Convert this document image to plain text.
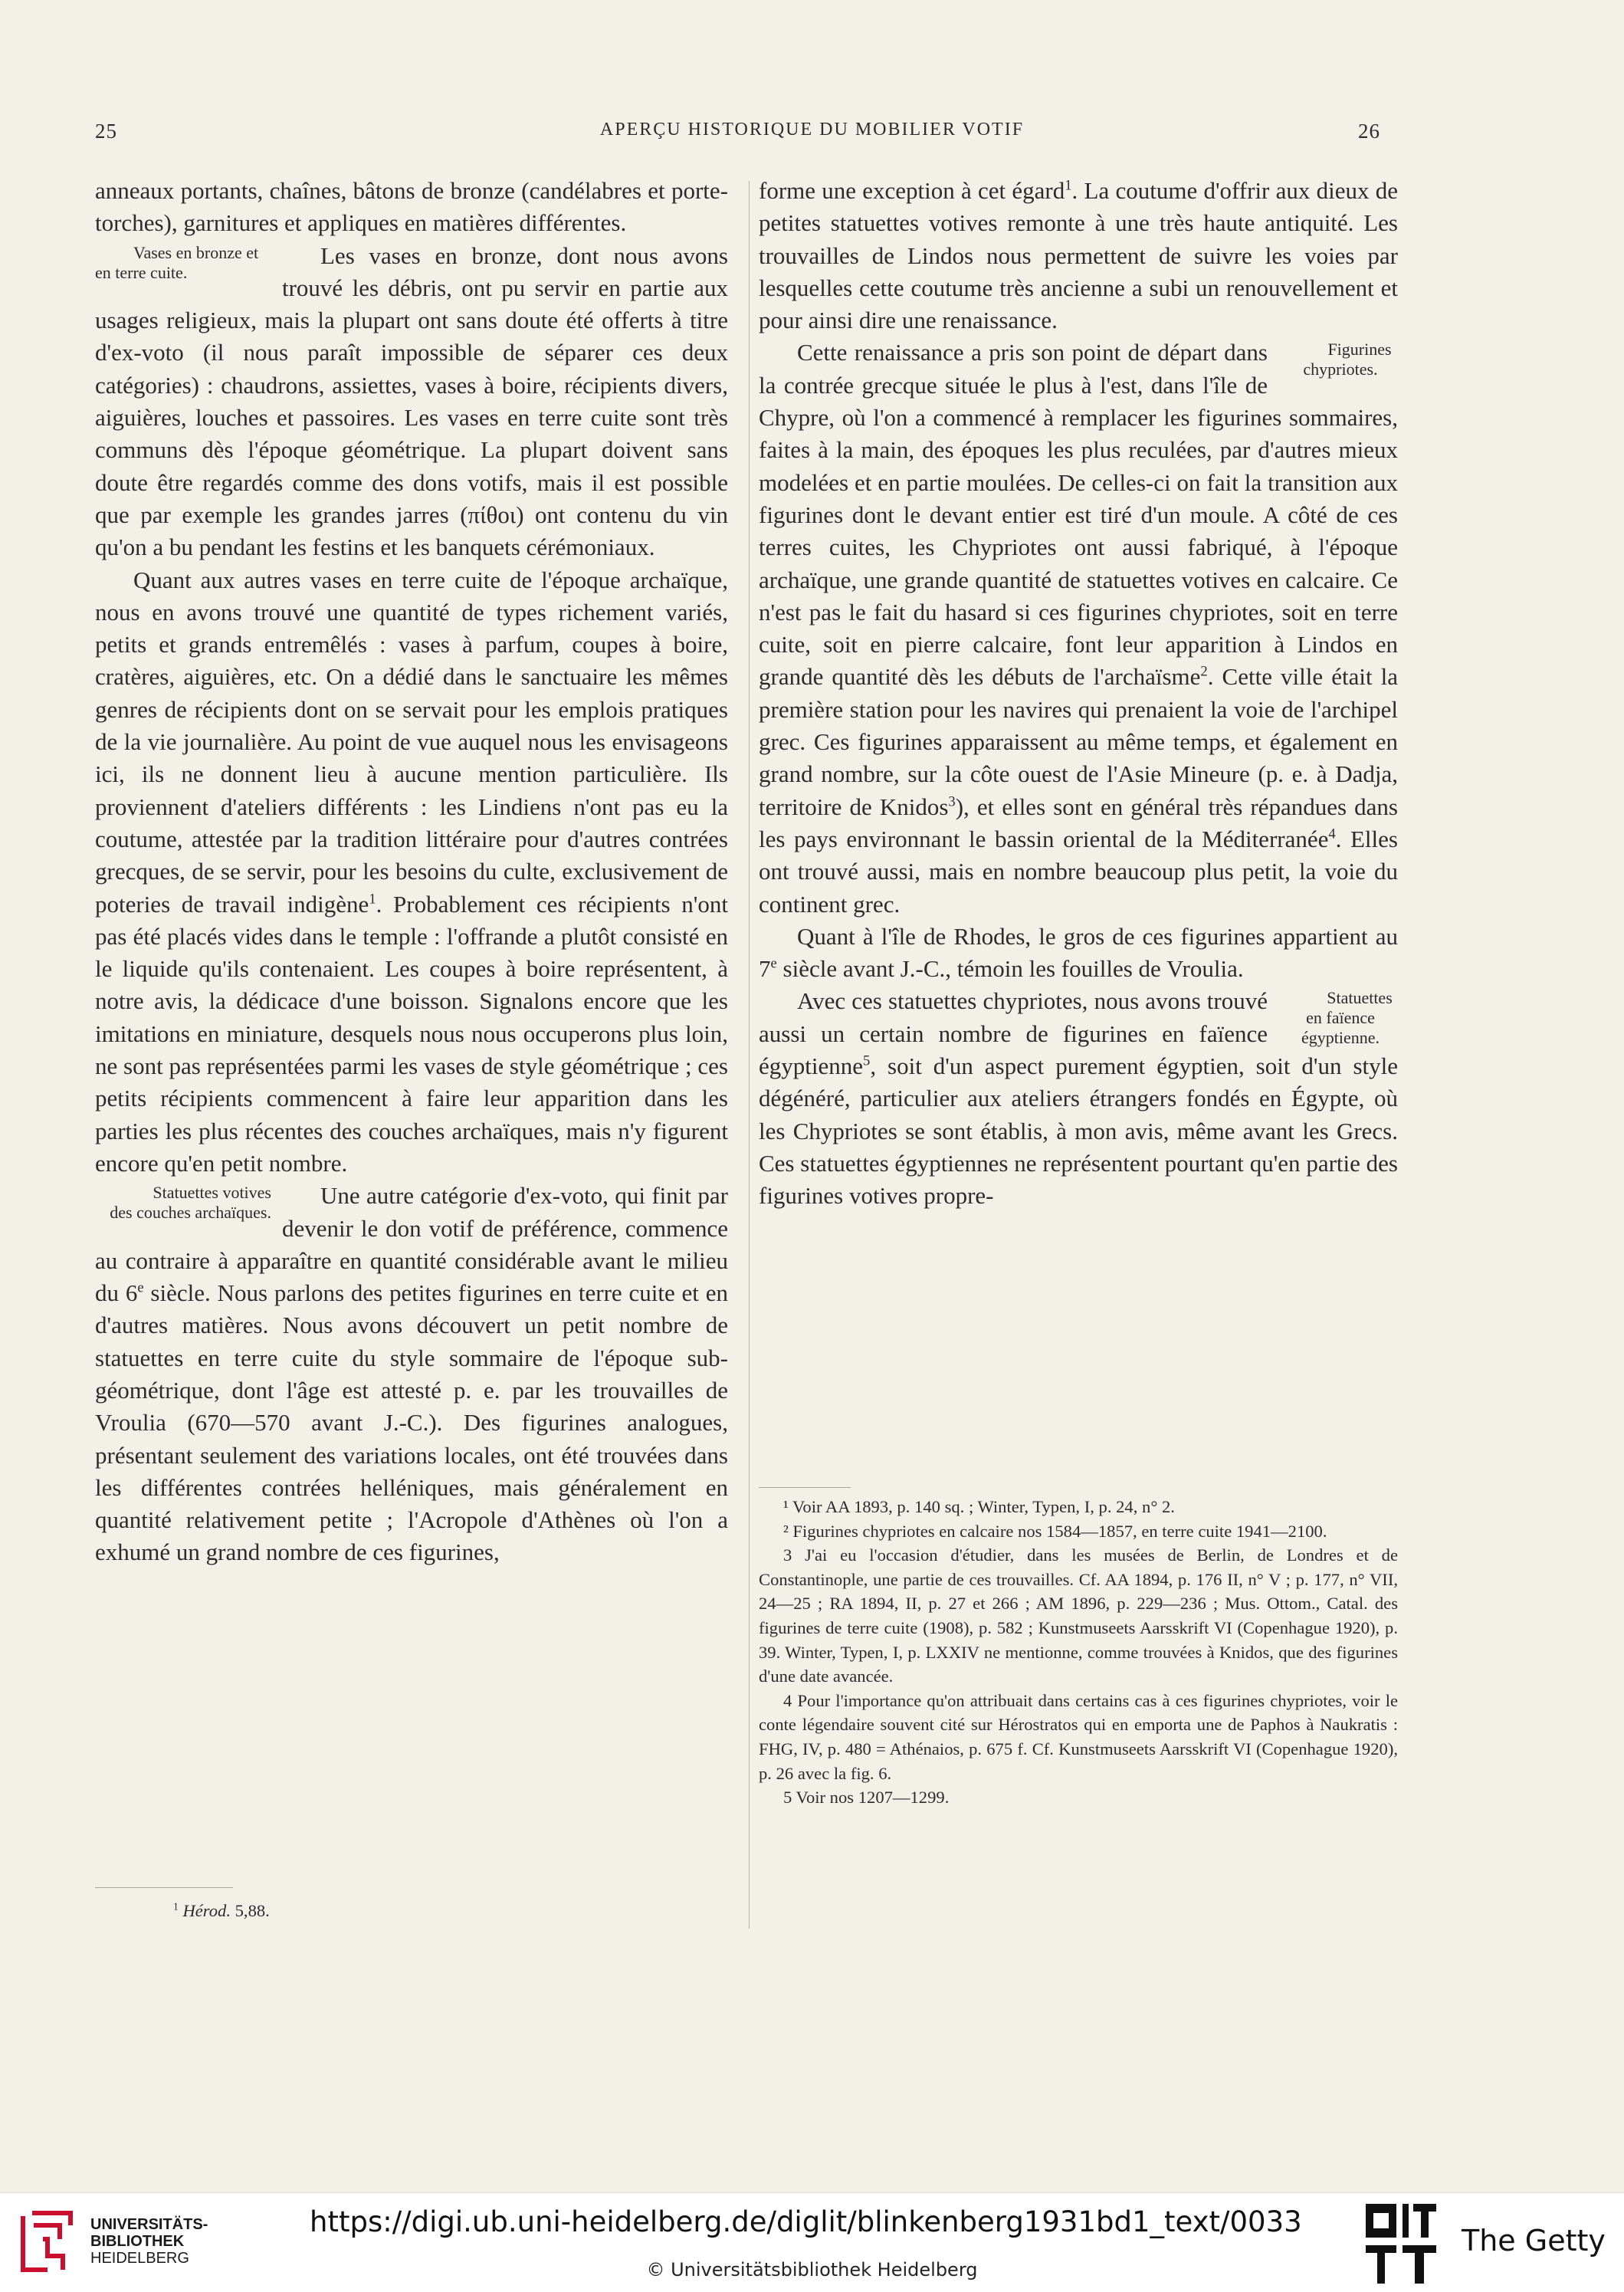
25	APERÇU HISTORIQUE DU MOBILIER VOTIF	26

anneaux portants, chaînes, bâtons de bronze (candélabres et porte-torches), garnitures et appliques en matières différentes.

Vases en bronze et en terre cuite.
Les vases en bronze, dont nous avons trouvé les débris, ont pu servir en partie aux usages religieux, mais la plupart ont sans doute été offerts à titre d'ex-voto (il nous paraît impossible de séparer ces deux catégories) : chaudrons, assiettes, vases à boire, récipients divers, aiguières, louches et passoires. Les vases en terre cuite sont très communs dès l'époque géométrique. La plupart doivent sans doute être regardés comme des dons votifs, mais il est possible que par exemple les grandes jarres (πίθοι) ont contenu du vin qu'on a bu pendant les festins et les banquets cérémoniaux.

Quant aux autres vases en terre cuite de l'époque archaïque, nous en avons trouvé une quantité de types richement variés, petits et grands entremêlés : vases à parfum, coupes à boire, cratères, aiguières, etc. On a dédié dans le sanctuaire les mêmes genres de récipients dont on se servait pour les emplois pratiques de la vie journalière. Au point de vue auquel nous les envisageons ici, ils ne donnent lieu à aucune mention particulière. Ils proviennent d'ateliers différents : les Lindiens n'ont pas eu la coutume, attestée par la tradition littéraire pour d'autres contrées grecques, de se servir, pour les besoins du culte, exclusivement de poteries de travail indigène$^1$. Probablement ces récipients n'ont pas été placés vides dans le temple : l'offrande a plutôt consisté en le liquide qu'ils contenaient. Les coupes à boire représentent, à notre avis, la dédicace d'une boisson. Signalons encore que les imitations en miniature, desquels nous nous occuperons plus loin, ne sont pas représentées parmi les vases de style géométrique ; ces petits récipients commencent à faire leur apparition dans les parties les plus récentes des couches archaïques, mais n'y figurent encore qu'en petit nombre.

Statuettes votives des couches archaïques.
Une autre catégorie d'ex-voto, qui finit par devenir le don votif de préférence, commence au contraire à apparaître en quantité considérable avant le milieu du 6e siècle. Nous parlons des petites figurines en terre cuite et en d'autres matières. Nous avons découvert un petit nombre de statuettes en terre cuite du style sommaire de l'époque sub-géométrique, dont l'âge est attesté p. e. par les trouvailles de Vroulia (670—570 avant J.-C.). Des figurines analogues, présentant seulement des variations locales, ont été trouvées dans les différentes contrées helléniques, mais généralement en quantité relativement petite ; l'Acropole d'Athènes où l'on a exhumé un grand nombre de ces figurines,

forme une exception à cet égard$^1$. La coutume d'offrir aux dieux de petites statuettes votives remonte à une très haute antiquité. Les trouvailles de Lindos nous permettent de suivre les voies par lesquelles cette coutume très ancienne a subi un renouvellement et pour ainsi dire une renaissance.

Figurines chypriotes.
Cette renaissance a pris son point de départ dans la contrée grecque située le plus à l'est, dans l'île de Chypre, où l'on a commencé à remplacer les figurines sommaires, faites à la main, des époques les plus reculées, par d'autres mieux modelées et en partie moulées. De celles-ci on fait la transition aux figurines dont le devant entier est tiré d'un moule. A côté de ces terres cuites, les Chypriotes ont aussi fabriqué, à l'époque archaïque, une grande quantité de statuettes votives en calcaire. Ce n'est pas le fait du hasard si ces figurines chypriotes, soit en terre cuite, soit en pierre calcaire, font leur apparition à Lindos en grande quantité dès les débuts de l'archaïsme$^2$. Cette ville était la première station pour les navires qui prenaient la voie de l'archipel grec. Ces figurines apparaissent au même temps, et également en grand nombre, sur la côte ouest de l'Asie Mineure (p. e. à Dadja, territoire de Knidos$^3$), et elles sont en général très répandues dans les pays environnant le bassin oriental de la Méditerranée$^4$. Elles ont trouvé aussi, mais en nombre beaucoup plus petit, la voie du continent grec.

Quant à l'île de Rhodes, le gros de ces figurines appartient au 7e siècle avant J.-C., témoin les fouilles de Vroulia.

Statuettes en faïence égyptienne.
Avec ces statuettes chypriotes, nous avons trouvé aussi un certain nombre de figurines en faïence égyptienne$^5$, soit d'un aspect purement égyptien, soit d'un style dégénéré, particulier aux ateliers étrangers fondés en Égypte, où les Chypriotes se sont établis, à mon avis, même avant les Grecs. Ces statuettes égyptiennes ne représentent pourtant qu'en partie des figurines votives propre-

¹ Voir AA 1893, p. 140 sq. ; Winter, Typen, I, p. 24, n° 2.

² Figurines chypriotes en calcaire nos 1584—1857, en terre cuite 1941—2100.

3 J'ai eu l'occasion d'étudier, dans les musées de Berlin, de Londres et de Constantinople, une partie de ces trouvailles. Cf. AA 1894, p. 176 II, n° V ; p. 177, n° VII, 24—25 ; RA 1894, II, p. 27 et 266 ; AM 1896, p. 229—236 ; Mus. Ottom., Catal. des figurines de terre cuite (1908), p. 582 ; Kunstmuseets Aarsskrift VI (Copenhague 1920), p. 39. Winter, Typen, I, p. LXXIV ne mentionne, comme trouvées à Knidos, que des figurines d'une date avancée.

4 Pour l'importance qu'on attribuait dans certains cas à ces figurines chypriotes, voir le conte légendaire souvent cité sur Hérostratos qui en emporta une de Paphos à Naukratis : FHG, IV, p. 480 = Athénaios, p. 675 f. Cf. Kunstmuseets Aarsskrift VI (Copenhague 1920), p. 26 avec la fig. 6.

5 Voir nos 1207—1299.

$^1$ Hérod. 5,88.
UNIVERSITÄTS-
BIBLIOTHEK
HEIDELBERG
https://digi.ub.uni-heidelberg.de/diglit/blinkenberg1931bd1_text/0033
© Universitätsbibliothek Heidelberg
The Getty
